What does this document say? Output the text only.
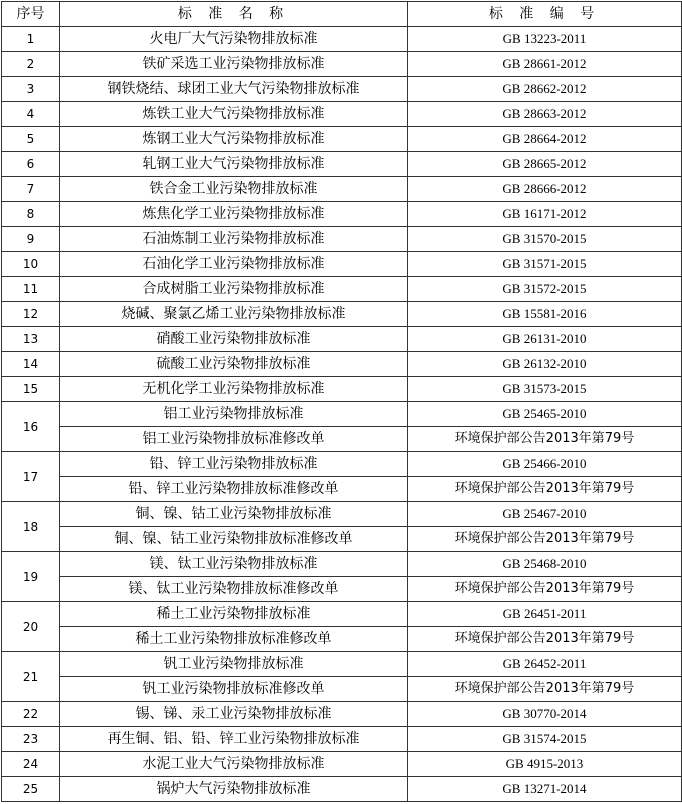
序号	标 准 名 称	标 准 编 号
1	火电厂大气污染物排放标准	GB 13223-2011
2	铁矿采选工业污染物排放标准	GB 28661-2012
3	钢铁烧结、球团工业大气污染物排放标准	GB 28662-2012
4	炼铁工业大气污染物排放标准	GB 28663-2012
5	炼钢工业大气污染物排放标准	GB 28664-2012
6	轧钢工业大气污染物排放标准	GB 28665-2012
7	铁合金工业污染物排放标准	GB 28666-2012
8	炼焦化学工业污染物排放标准	GB 16171-2012
9	石油炼制工业污染物排放标准	GB 31570-2015
10	石油化学工业污染物排放标准	GB 31571-2015
11	合成树脂工业污染物排放标准	GB 31572-2015
12	烧碱、聚氯乙烯工业污染物排放标准	GB 15581-2016
13	硝酸工业污染物排放标准	GB 26131-2010
14	硫酸工业污染物排放标准	GB 26132-2010
15	无机化学工业污染物排放标准	GB 31573-2015
16	铝工业污染物排放标准	GB 25465-2010
	铝工业污染物排放标准修改单	环境保护部公告2013年第79号
17	铅、锌工业污染物排放标准	GB 25466-2010
	铅、锌工业污染物排放标准修改单	环境保护部公告2013年第79号
18	铜、镍、钴工业污染物排放标准	GB 25467-2010
	铜、镍、钴工业污染物排放标准修改单	环境保护部公告2013年第79号
19	镁、钛工业污染物排放标准	GB 25468-2010
	镁、钛工业污染物排放标准修改单	环境保护部公告2013年第79号
20	稀土工业污染物排放标准	GB 26451-2011
	稀土工业污染物排放标准修改单	环境保护部公告2013年第79号
21	钒工业污染物排放标准	GB 26452-2011
	钒工业污染物排放标准修改单	环境保护部公告2013年第79号
22	锡、锑、汞工业污染物排放标准	GB 30770-2014
23	再生铜、铝、铅、锌工业污染物排放标准	GB 31574-2015
24	水泥工业大气污染物排放标准	GB 4915-2013
25	锅炉大气污染物排放标准	GB 13271-2014
